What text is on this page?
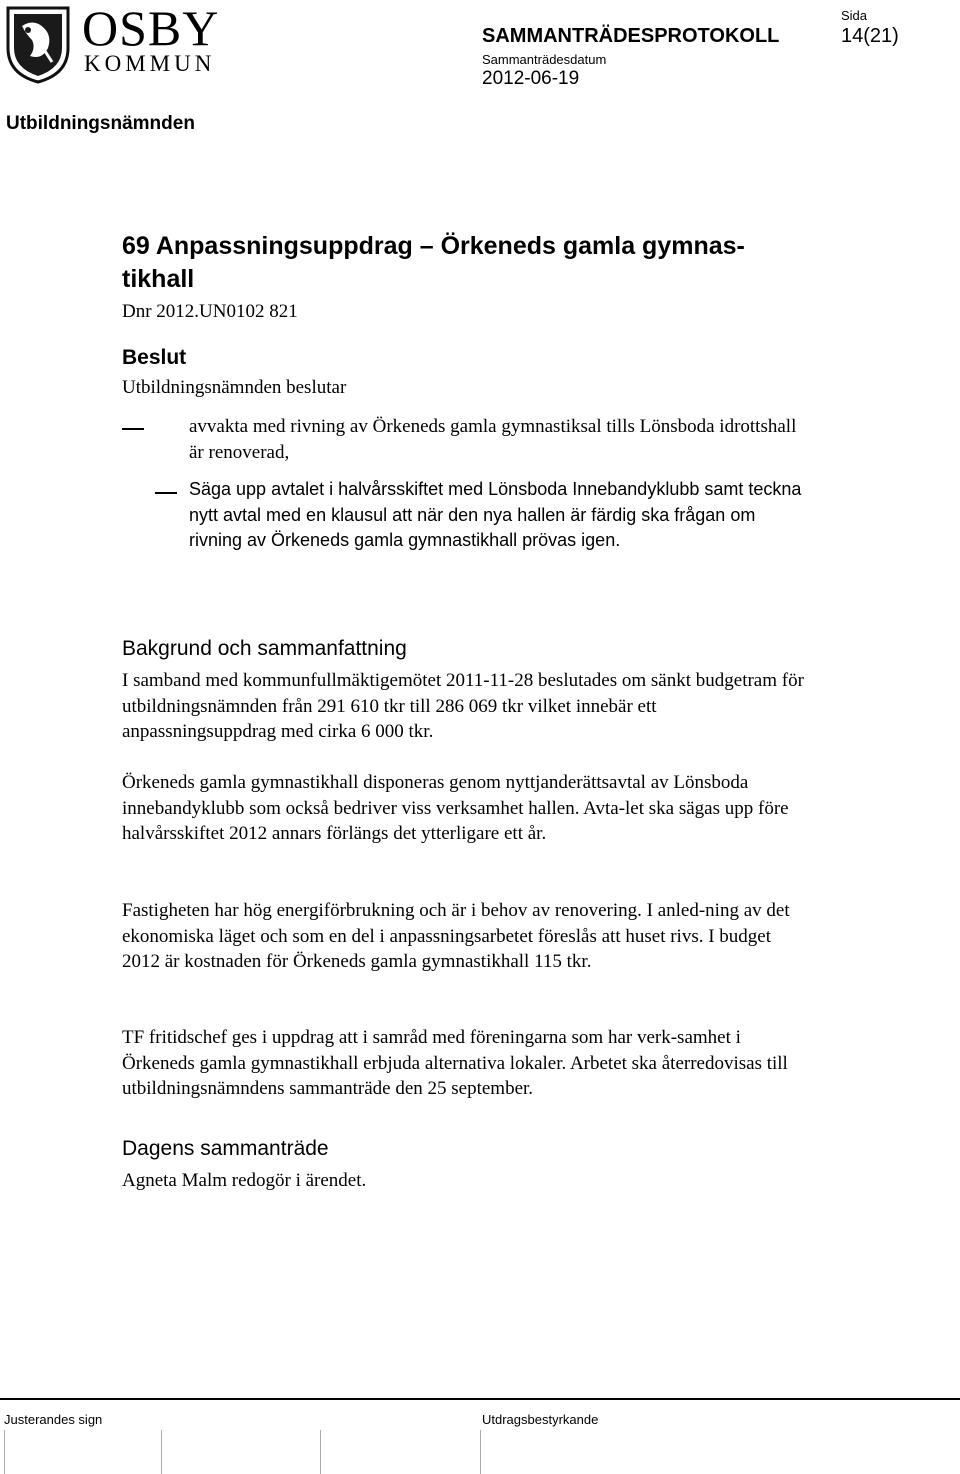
OSBY
KOMMUN
SAMMANTRÄDESPROTOKOLL
Sammanträdesdatum
2012-06-19
Sida
14(21)
Utbildningsnämnden
69 Anpassningsuppdrag – Örkeneds gamla gymnas-tikhall
Dnr 2012.UN0102 821
Beslut
Utbildningsnämnden beslutar
avvakta med rivning av Örkeneds gamla gymnastiksal tills Lönsboda idrottshall är renoverad,
Säga upp avtalet i halvårsskiftet med Lönsboda Innebandyklubb samt teckna nytt avtal med en klausul att när den nya hallen är färdig ska frågan om rivning av Örkeneds gamla gymnastikhall prövas igen.
Bakgrund och sammanfattning
I samband med kommunfullmäktigemötet 2011-11-28 beslutades om sänkt budgetram för utbildningsnämnden från 291 610 tkr till 286 069 tkr vilket innebär ett anpassningsuppdrag med cirka 6 000 tkr.
Örkeneds gamla gymnastikhall disponeras genom nyttjanderättsavtal av Lönsboda innebandyklubb som också bedriver viss verksamhet hallen. Avta-let ska sägas upp före halvårsskiftet 2012 annars förlängs det ytterligare ett år.
Fastigheten har hög energiförbrukning och är i behov av renovering. I anled-ning av det ekonomiska läget och som en del i anpassningsarbetet föreslås att huset rivs. I budget 2012 är kostnaden för Örkeneds gamla gymnastikhall 115 tkr.
TF fritidschef ges i uppdrag att i samråd med föreningarna som har verk-samhet i Örkeneds gamla gymnastikhall erbjuda alternativa lokaler. Arbetet ska återredovisas till utbildningsnämndens sammanträde den 25 september.
Dagens sammanträde
Agneta Malm redogör i ärendet.
Justerandes sign	Utdragsbestyrkande
